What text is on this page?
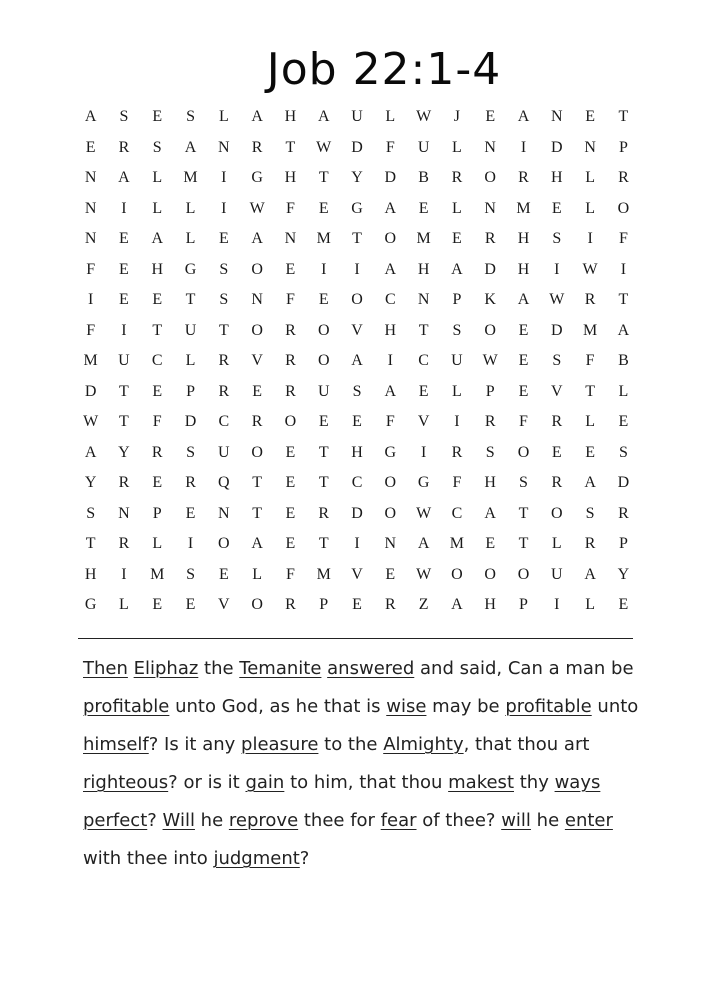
Job 22:1-4
A	S	E	S	L	A	H	A	U	L	W	J	E	A	N	E	T
E	R	S	A	N	R	T	W	D	F	U	L	N	I	D	N	P
N	A	L	M	I	G	H	T	Y	D	B	R	O	R	H	L	R
N	I	L	L	I	W	F	E	G	A	E	L	N	M	E	L	O
N	E	A	L	E	A	N	M	T	O	M	E	R	H	S	I	F
F	E	H	G	S	O	E	I	I	A	H	A	D	H	I	W	I
I	E	E	T	S	N	F	E	O	C	N	P	K	A	W	R	T
F	I	T	U	T	O	R	O	V	H	T	S	O	E	D	M	A
M	U	C	L	R	V	R	O	A	I	C	U	W	E	S	F	B
D	T	E	P	R	E	R	U	S	A	E	L	P	E	V	T	L
W	T	F	D	C	R	O	E	E	F	V	I	R	F	R	L	E
A	Y	R	S	U	O	E	T	H	G	I	R	S	O	E	E	S
Y	R	E	R	Q	T	E	T	C	O	G	F	H	S	R	A	D
S	N	P	E	N	T	E	R	D	O	W	C	A	T	O	S	R
T	R	L	I	O	A	E	T	I	N	A	M	E	T	L	R	P
H	I	M	S	E	L	F	M	V	E	W	O	O	O	U	A	Y
G	L	E	E	V	O	R	P	E	R	Z	A	H	P	I	L	E

Then Eliphaz the Temanite answered and said, Can a man be profitable unto God, as he that is wise may be profitable unto himself? Is it any pleasure to the Almighty, that thou art righteous? or is it gain to him, that thou makest thy ways perfect? Will he reprove thee for fear of thee? will he enter with thee into judgment?
